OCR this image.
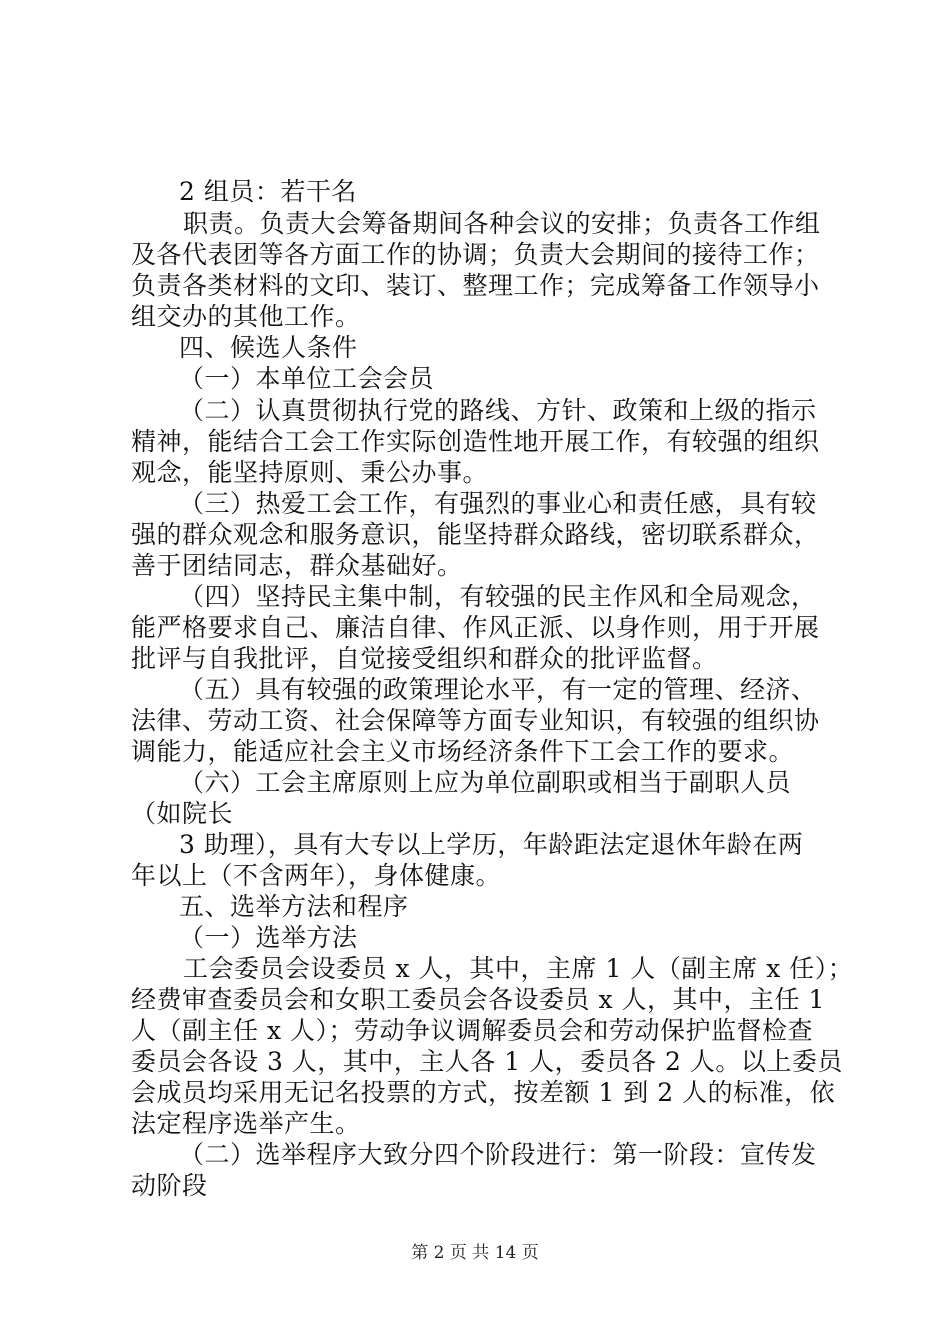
2 组员：若干名
职责。负责大会筹备期间各种会议的安排；负责各工作组
及各代表团等各方面工作的协调；负责大会期间的接待工作；
负责各类材料的文印、装订、整理工作；完成筹备工作领导小
组交办的其他工作。
四、候选人条件
（一）本单位工会会员
（二）认真贯彻执行党的路线、方针、政策和上级的指示
精神，能结合工会工作实际创造性地开展工作，有较强的组织
观念，能坚持原则、秉公办事。
（三）热爱工会工作，有强烈的事业心和责任感，具有较
强的群众观念和服务意识，能坚持群众路线，密切联系群众，
善于团结同志，群众基础好。
（四）坚持民主集中制，有较强的民主作风和全局观念，
能严格要求自己、廉洁自律、作风正派、以身作则，用于开展
批评与自我批评，自觉接受组织和群众的批评监督。
（五）具有较强的政策理论水平，有一定的管理、经济、
法律、劳动工资、社会保障等方面专业知识，有较强的组织协
调能力，能适应社会主义市场经济条件下工会工作的要求。
（六）工会主席原则上应为单位副职或相当于副职人员
（如院长
3 助理），具有大专以上学历，年龄距法定退休年龄在两
年以上（不含两年），身体健康。
五、选举方法和程序
（一）选举方法
工会委员会设委员 x 人，其中，主席 1 人（副主席 x 任）；
经费审查委员会和女职工委员会各设委员 x 人，其中，主任 1
人（副主任 x 人）；劳动争议调解委员会和劳动保护监督检查
委员会各设 3 人，其中，主人各 1 人，委员各 2 人。以上委员
会成员均采用无记名投票的方式，按差额 1 到 2 人的标准，依
法定程序选举产生。
（二）选举程序大致分四个阶段进行：第一阶段：宣传发
动阶段
第 2 页 共 14 页
